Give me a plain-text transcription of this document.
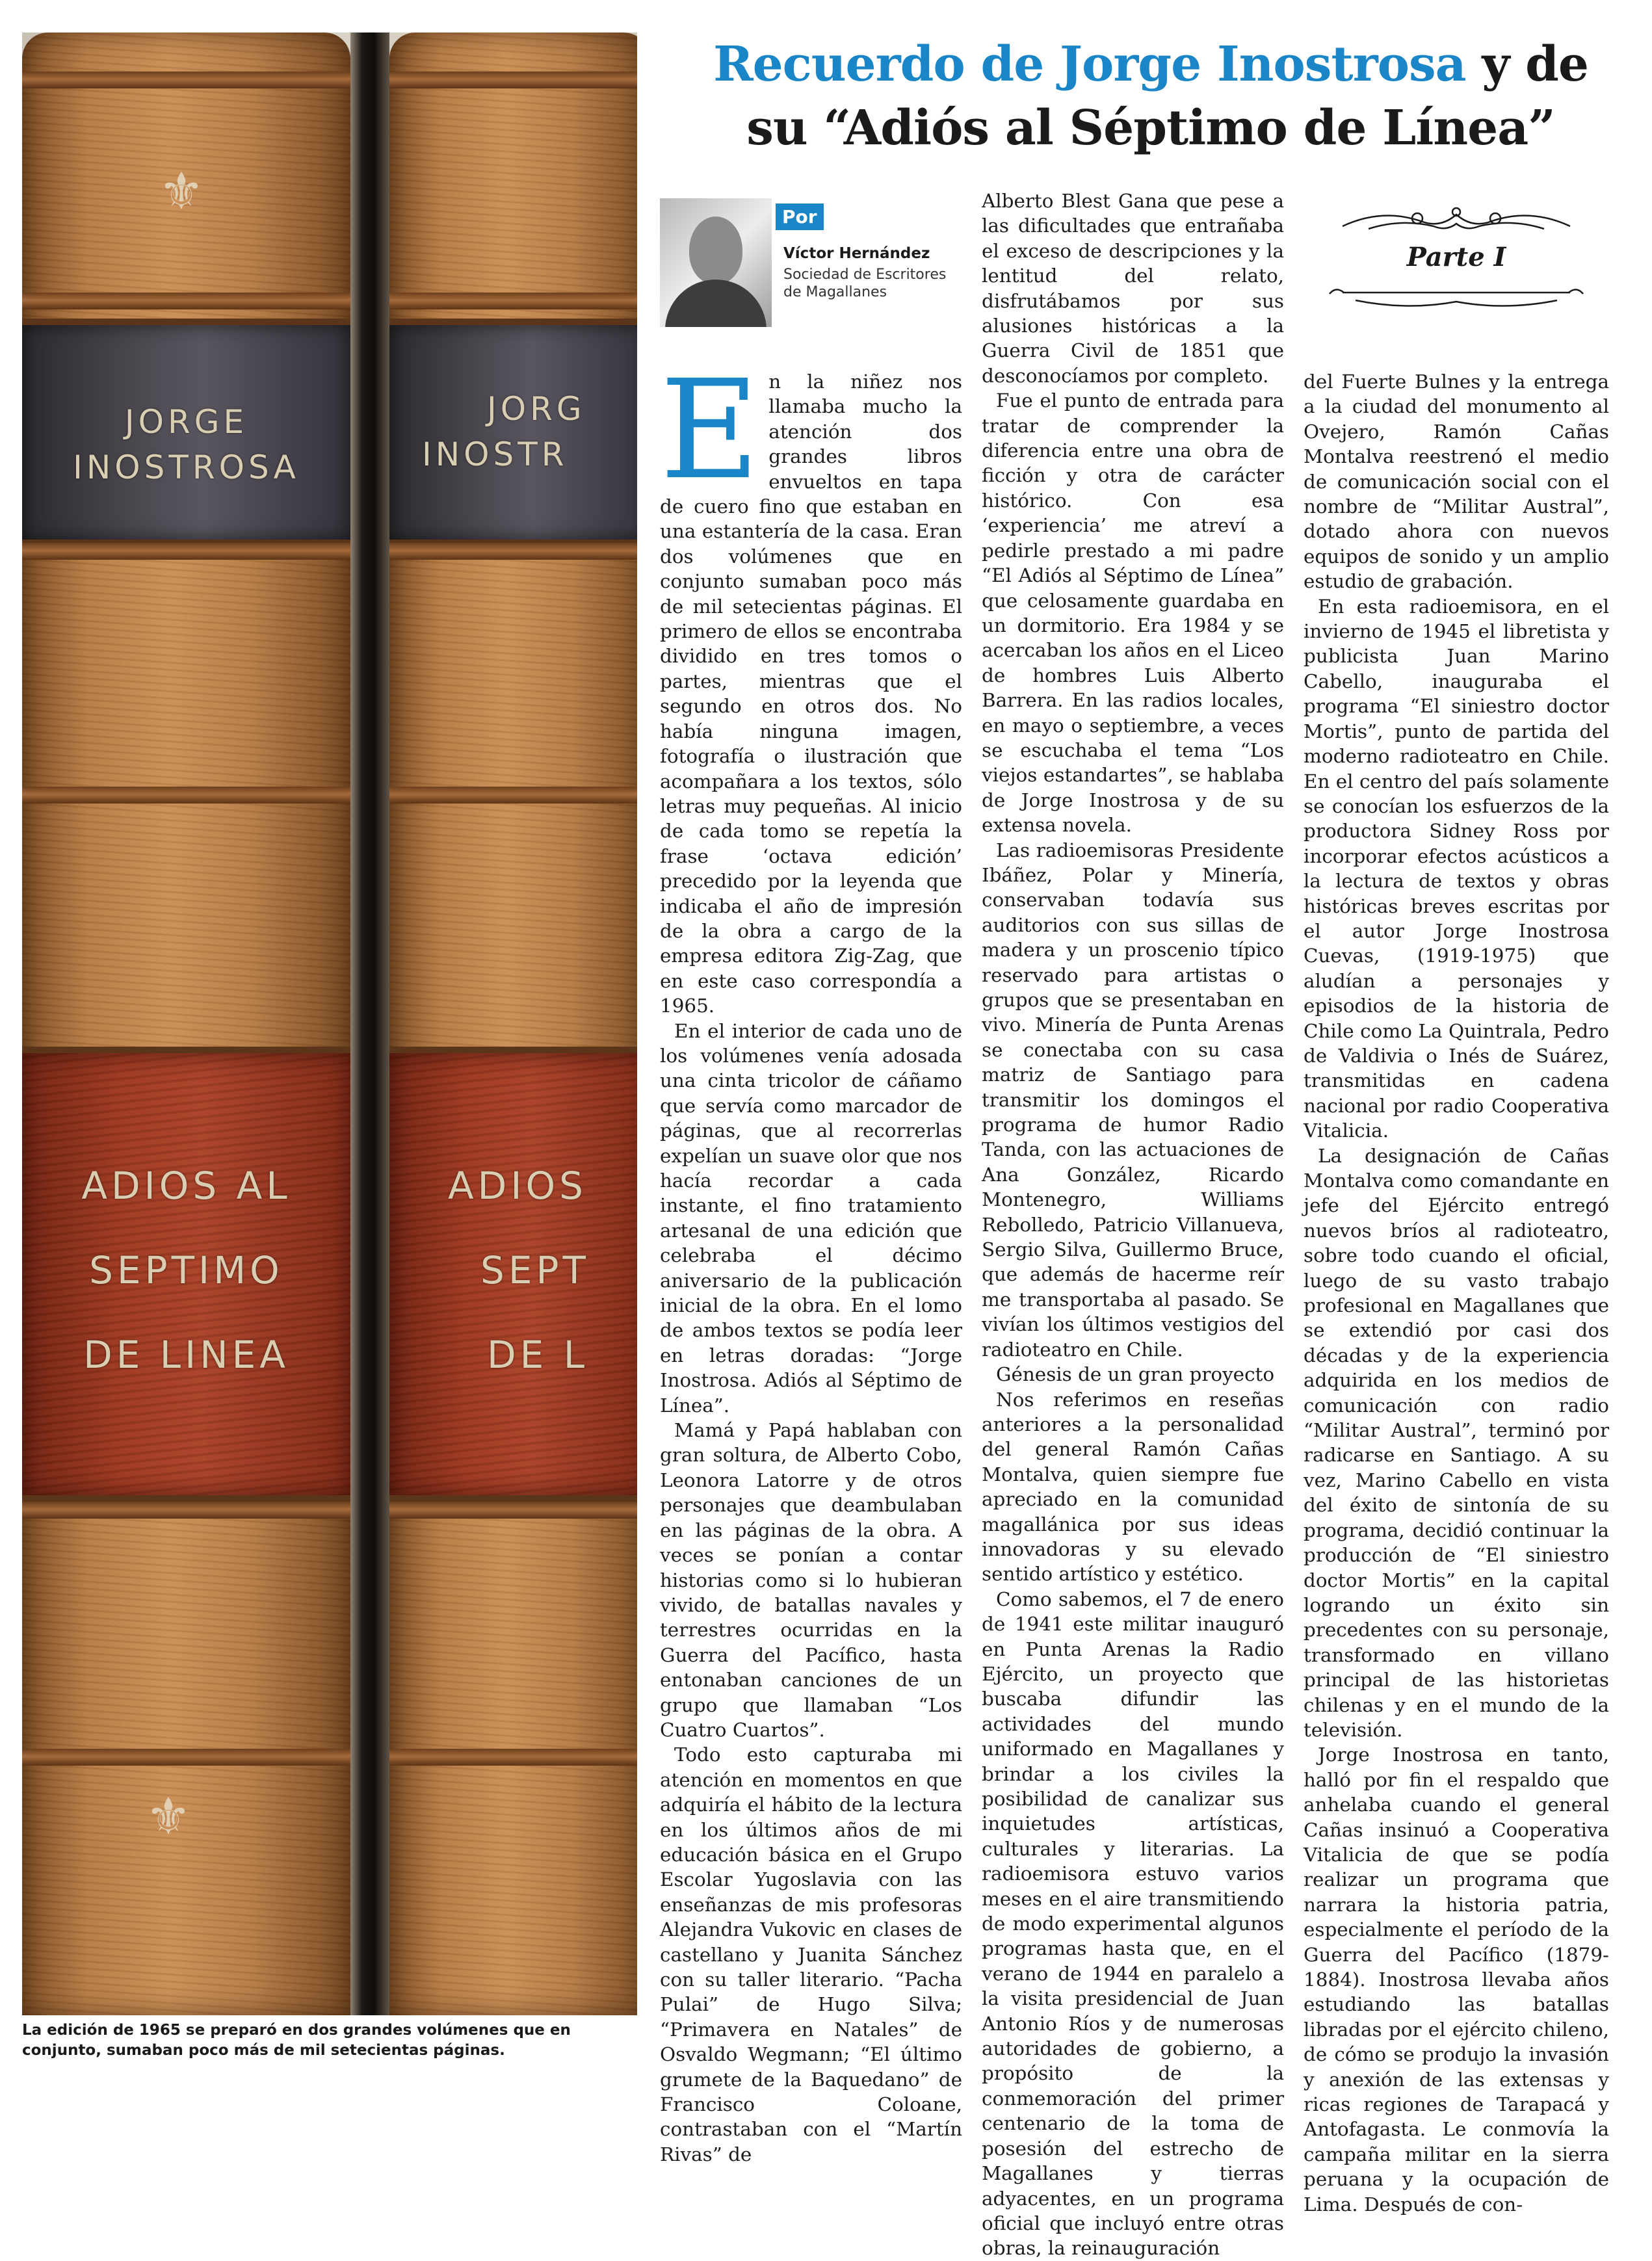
⚜
JORGE
INOSTROSA
ADIOS AL
SEPTIMO
DE LINEA
⚜
JORG
INOSTR
ADIOS
SEPT
DE L
La edición de 1965 se preparó en dos grandes volúmenes que en conjunto, sumaban poco más de mil setecientas páginas.
Recuerdo de Jorge Inostrosa y de
su “Adiós al Séptimo de Línea”
Por
Víctor Hernández
Sociedad de Escritores de Magallanes
Parte I

En la niñez nos llamaba mucho la atención dos grandes libros envueltos en tapa de cuero fino que estaban en una estantería de la casa. Eran dos volúmenes que en conjunto sumaban poco más de mil setecientas páginas. El primero de ellos se encontraba dividido en tres tomos o partes, mientras que el segundo en otros dos. No había ninguna imagen, fotografía o ilustración que acompañara a los textos, sólo letras muy pequeñas. Al inicio de cada tomo se repetía la frase ‘octava edición’ precedido por la leyenda que indicaba el año de impresión de la obra a cargo de la empresa editora Zig-Zag, que en este caso correspondía a 1965.

En el interior de cada uno de los volúmenes venía adosada una cinta tricolor de cáñamo que servía como marcador de páginas, que al recorrerlas expelían un suave olor que nos hacía recordar a cada instante, el fino tratamiento artesanal de una edición que celebraba el décimo aniversario de la publicación inicial de la obra. En el lomo de ambos textos se podía leer en letras doradas: “Jorge Inostrosa. Adiós al Séptimo de Línea”.

Mamá y Papá hablaban con gran soltura, de Alberto Cobo, Leonora Latorre y de otros personajes que deambulaban en las páginas de la obra. A veces se ponían a contar historias como si lo hubieran vivido, de batallas navales y terrestres ocurridas en la Guerra del Pacífico, hasta entonaban canciones de un grupo que llamaban “Los Cuatro Cuartos”.

Todo esto capturaba mi atención en momentos en que adquiría el hábito de la lectura en los últimos años de mi educación básica en el Grupo Escolar Yugoslavia con las enseñanzas de mis profesoras Alejandra Vukovic en clases de castellano y Juanita Sánchez con su taller literario. “Pacha Pulai” de Hugo Silva; “Primavera en Natales” de Osvaldo Wegmann; “El último grumete de la Baquedano” de Francisco Coloane, contrastaban con el “Martín Rivas” de

Alberto Blest Gana que pese a las dificultades que entrañaba el exceso de descripciones y la lentitud del relato, disfrutábamos por sus alusiones históricas a la Guerra Civil de 1851 que desconocíamos por completo.

Fue el punto de entrada para tratar de comprender la diferencia entre una obra de ficción y otra de carácter histórico. Con esa ‘experiencia’ me atreví a pedirle prestado a mi padre “El Adiós al Séptimo de Línea” que celosamente guardaba en un dormitorio. Era 1984 y se acercaban los años en el Liceo de hombres Luis Alberto Barrera. En las radios locales, en mayo o septiembre, a veces se escuchaba el tema “Los viejos estandartes”, se hablaba de Jorge Inostrosa y de su extensa novela.

Las radioemisoras Presidente Ibáñez, Polar y Minería, conservaban todavía sus auditorios con sus sillas de madera y un proscenio típico reservado para artistas o grupos que se presentaban en vivo. Minería de Punta Arenas se conectaba con su casa matriz de Santiago para transmitir los domingos el programa de humor Radio Tanda, con las actuaciones de Ana González, Ricardo Montenegro, Williams Rebolledo, Patricio Villanueva, Sergio Silva, Guillermo Bruce, que además de hacerme reír me transportaba al pasado. Se vivían los últimos vestigios del radioteatro en Chile.

Génesis de un gran proyecto

Nos referimos en reseñas anteriores a la personalidad del general Ramón Cañas Montalva, quien siempre fue apreciado en la comunidad magallánica por sus ideas innovadoras y su elevado sentido artístico y estético.

Como sabemos, el 7 de enero de 1941 este militar inauguró en Punta Arenas la Radio Ejército, un proyecto que buscaba difundir las actividades del mundo uniformado en Magallanes y brindar a los civiles la posibilidad de canalizar sus inquietudes artísticas, culturales y literarias. La radioemisora estuvo varios meses en el aire transmitiendo de modo experimental algunos programas hasta que, en el verano de 1944 en paralelo a la visita presidencial de Juan Antonio Ríos y de numerosas autoridades de gobierno, a propósito de la conmemoración del primer centenario de la toma de posesión del estrecho de Magallanes y tierras adyacentes, en un programa oficial que incluyó entre otras obras, la reinauguración

del Fuerte Bulnes y la entrega a la ciudad del monumento al Ovejero, Ramón Cañas Montalva reestrenó el medio de comunicación social con el nombre de “Militar Austral”, dotado ahora con nuevos equipos de sonido y un amplio estudio de grabación.

En esta radioemisora, en el invierno de 1945 el libretista y publicista Juan Marino Cabello, inauguraba el programa “El siniestro doctor Mortis”, punto de partida del moderno radioteatro en Chile. En el centro del país solamente se conocían los esfuerzos de la productora Sidney Ross por incorporar efectos acústicos a la lectura de textos y obras históricas breves escritas por el autor Jorge Inostrosa Cuevas, (1919-1975) que aludían a personajes y episodios de la historia de Chile como La Quintrala, Pedro de Valdivia o Inés de Suárez, transmitidas en cadena nacional por radio Cooperativa Vitalicia.

La designación de Cañas Montalva como comandante en jefe del Ejército entregó nuevos bríos al radioteatro, sobre todo cuando el oficial, luego de su vasto trabajo profesional en Magallanes que se extendió por casi dos décadas y de la experiencia adquirida en los medios de comunicación con radio “Militar Austral”, terminó por radicarse en Santiago. A su vez, Marino Cabello en vista del éxito de sintonía de su programa, decidió continuar la producción de “El siniestro doctor Mortis” en la capital logrando un éxito sin precedentes con su personaje, transformado en villano principal de las historietas chilenas y en el mundo de la televisión.

Jorge Inostrosa en tanto, halló por fin el respaldo que anhelaba cuando el general Cañas insinuó a Cooperativa Vitalicia de que se podía realizar un programa que narrara la historia patria, especialmente el período de la Guerra del Pacífico (1879-1884). Inostrosa llevaba años estudiando las batallas libradas por el ejército chileno, de cómo se produjo la invasión y anexión de las extensas y ricas regiones de Tarapacá y Antofagasta. Le conmovía la campaña militar en la sierra peruana y la ocupación de Lima. Después de con-
